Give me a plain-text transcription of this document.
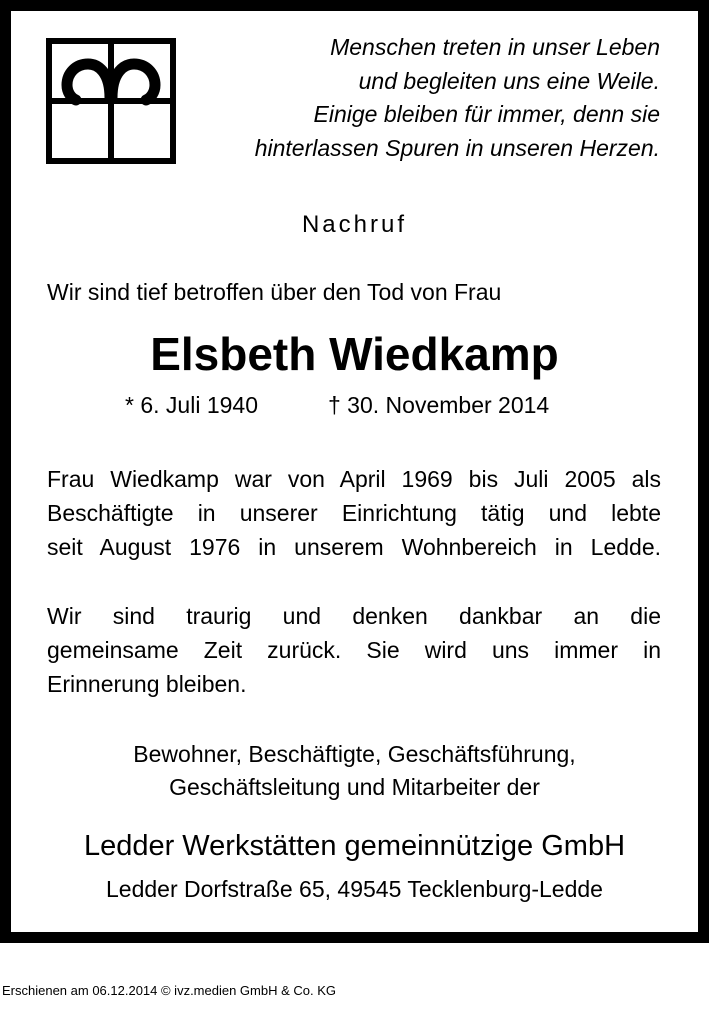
Menschen treten in unser Leben
und begleiten uns eine Weile.
Einige bleiben für immer, denn sie
hinterlassen Spuren in unseren Herzen.
Nachruf
Wir sind tief betroffen über den Tod von Frau
Elsbeth Wiedkamp
* 6. Juli 1940	† 30. November 2014
Frau Wiedkamp war von April 1969 bis Juli 2005 als
Beschäftigte in unserer Einrichtung tätig und lebte
seit August 1976 in unserem Wohnbereich in Ledde.
Wir sind traurig und denken dankbar an die
gemeinsame Zeit zurück. Sie wird uns immer in
Erinnerung bleiben.
Bewohner, Beschäftigte, Geschäftsführung,
Geschäftsleitung und Mitarbeiter der
Ledder Werkstätten gemeinnützige GmbH
Ledder Dorfstraße 65, 49545 Tecklenburg-Ledde
Erschienen am 06.12.2014 © ivz.medien GmbH & Co. KG
